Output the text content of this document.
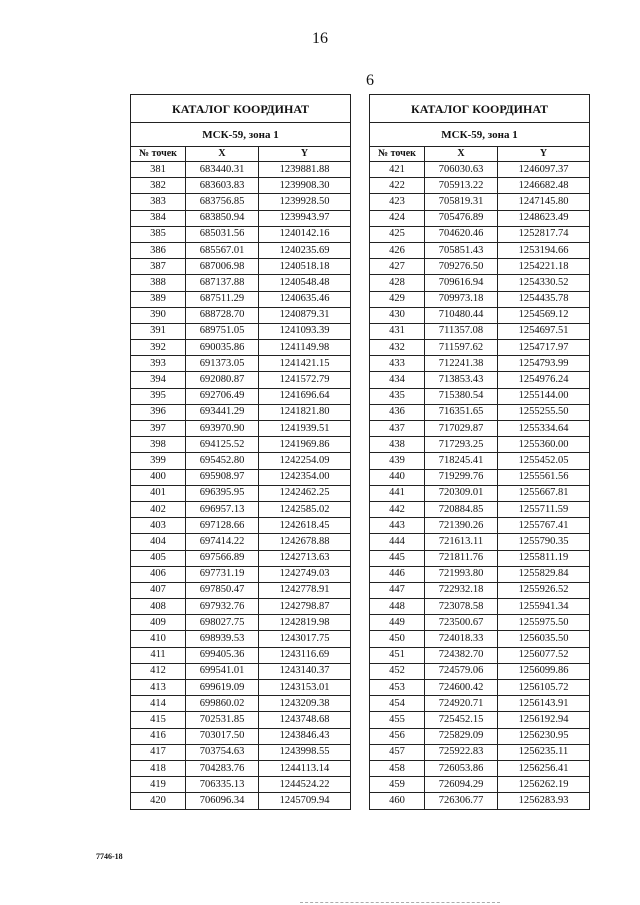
16
6
КАТАЛОГ КООРДИНАТ		
МСК-59, зона 1		
№ точек	X	Y
381	683440.31	1239881.88
382	683603.83	1239908.30
383	683756.85	1239928.50
384	683850.94	1239943.97
385	685031.56	1240142.16
386	685567.01	1240235.69
387	687006.98	1240518.18
388	687137.88	1240548.48
389	687511.29	1240635.46
390	688728.70	1240879.31
391	689751.05	1241093.39
392	690035.86	1241149.98
393	691373.05	1241421.15
394	692080.87	1241572.79
395	692706.49	1241696.64
396	693441.29	1241821.80
397	693970.90	1241939.51
398	694125.52	1241969.86
399	695452.80	1242254.09
400	695908.97	1242354.00
401	696395.95	1242462.25
402	696957.13	1242585.02
403	697128.66	1242618.45
404	697414.22	1242678.88
405	697566.89	1242713.63
406	697731.19	1242749.03
407	697850.47	1242778.91
408	697932.76	1242798.87
409	698027.75	1242819.98
410	698939.53	1243017.75
411	699405.36	1243116.69
412	699541.01	1243140.37
413	699619.09	1243153.01
414	699860.02	1243209.38
415	702531.85	1243748.68
416	703017.50	1243846.43
417	703754.63	1243998.55
418	704283.76	1244113.14
419	706335.13	1244524.22
420	706096.34	1245709.94
КАТАЛОГ КООРДИНАТ		
МСК-59, зона 1		
№ точек	X	Y
421	706030.63	1246097.37
422	705913.22	1246682.48
423	705819.31	1247145.80
424	705476.89	1248623.49
425	704620.46	1252817.74
426	705851.43	1253194.66
427	709276.50	1254221.18
428	709616.94	1254330.52
429	709973.18	1254435.78
430	710480.44	1254569.12
431	711357.08	1254697.51
432	711597.62	1254717.97
433	712241.38	1254793.99
434	713853.43	1254976.24
435	715380.54	1255144.00
436	716351.65	1255255.50
437	717029.87	1255334.64
438	717293.25	1255360.00
439	718245.41	1255452.05
440	719299.76	1255561.56
441	720309.01	1255667.81
442	720884.85	1255711.59
443	721390.26	1255767.41
444	721613.11	1255790.35
445	721811.76	1255811.19
446	721993.80	1255829.84
447	722932.18	1255926.52
448	723078.58	1255941.34
449	723500.67	1255975.50
450	724018.33	1256035.50
451	724382.70	1256077.52
452	724579.06	1256099.86
453	724600.42	1256105.72
454	724920.71	1256143.91
455	725452.15	1256192.94
456	725829.09	1256230.95
457	725922.83	1256235.11
458	726053.86	1256256.41
459	726094.29	1256262.19
460	726306.77	1256283.93
7746-18
